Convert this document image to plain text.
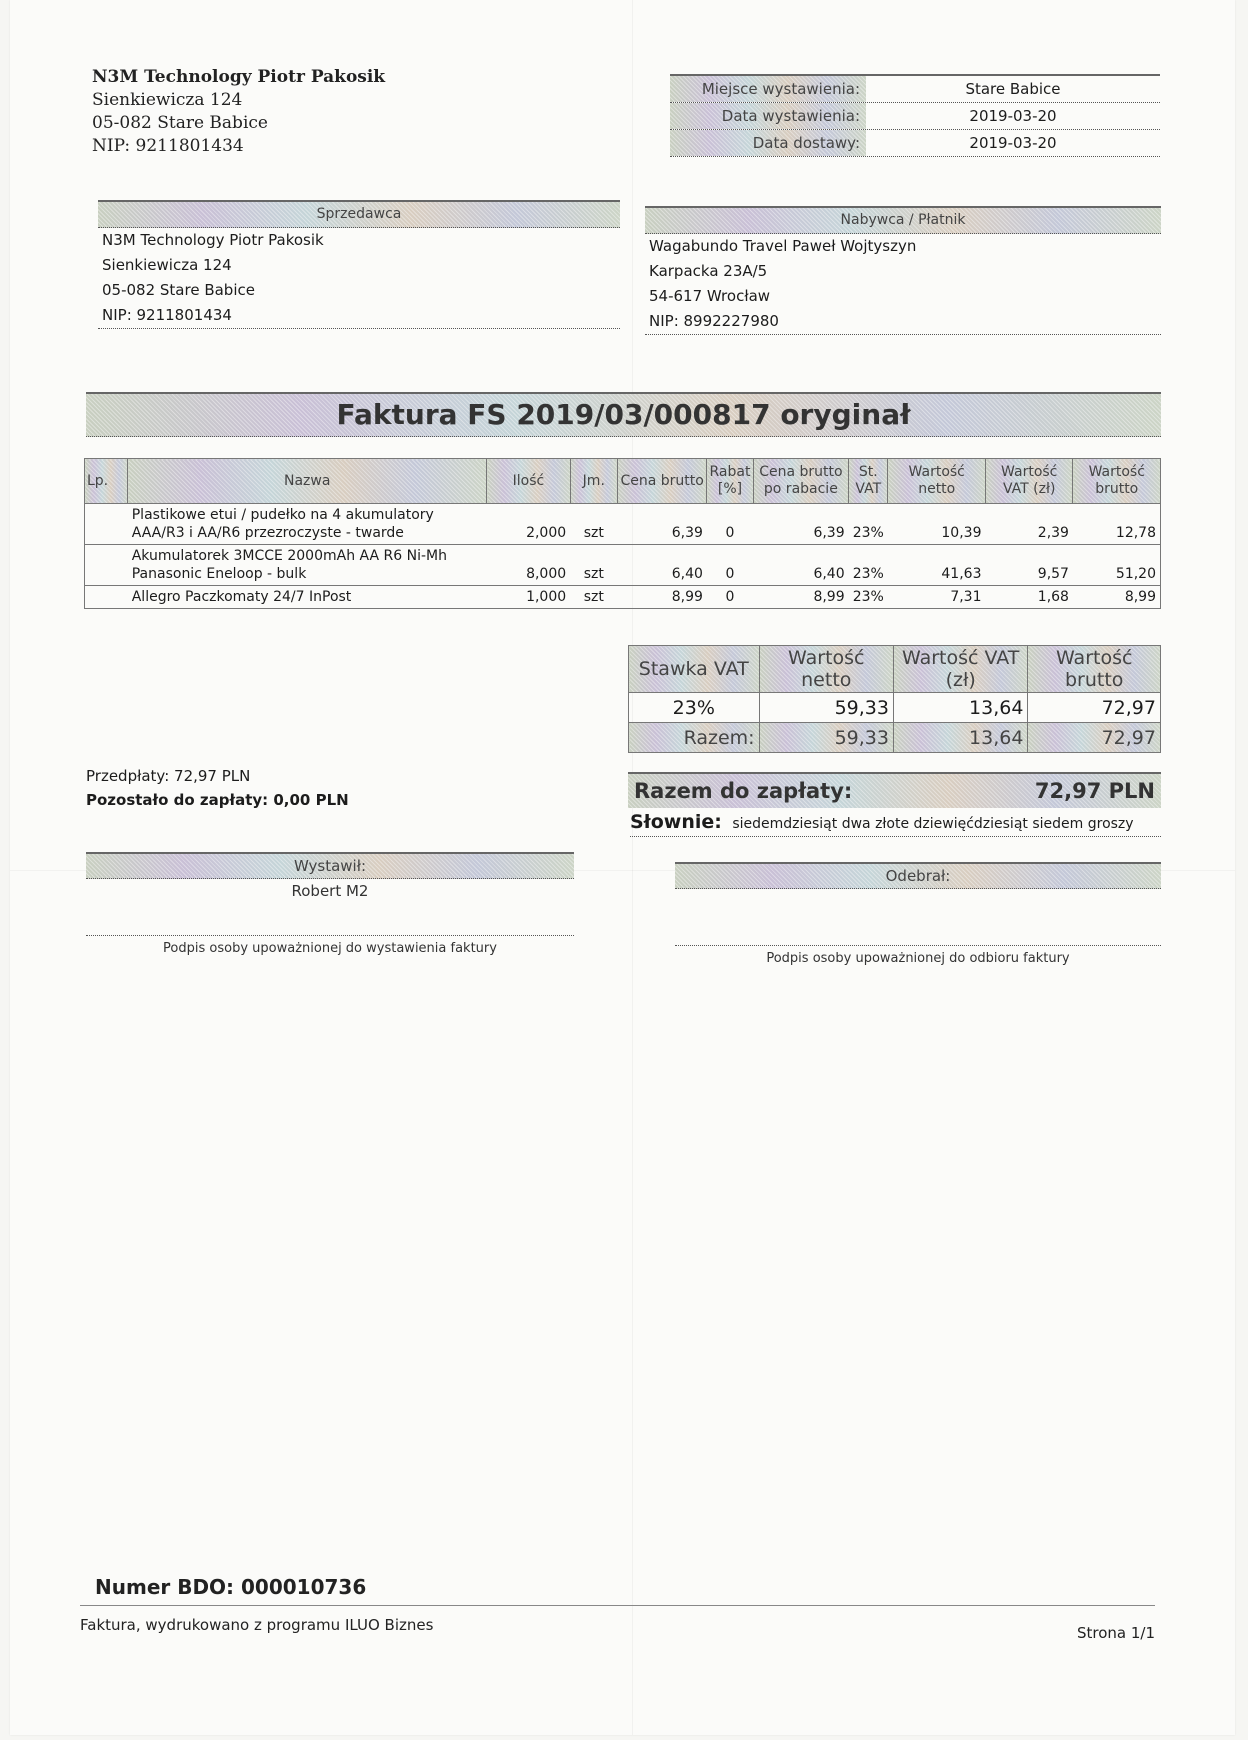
N3M Technology Piotr Pakosik
Sienkiewicza 124
05-082 Stare Babice
NIP: 9211801434
Miejsce wystawienia:	Stare Babice
Data wystawienia:	2019-03-20
Data dostawy:	2019-03-20
Sprzedawca
N3M Technology Piotr Pakosik
Sienkiewicza 124
05-082 Stare Babice
NIP: 9211801434
Nabywca / Płatnik
Wagabundo Travel Paweł Wojtyszyn
Karpacka 23A/5
54-617 Wrocław
NIP: 8992227980
Faktura FS 2019/03/000817 oryginał
Lp.	Nazwa	Ilość	Jm.	Cena brutto	Rabat [%]	Cena brutto po rabacie	St. VAT	Wartość netto	Wartość VAT (zł)	Wartość brutto

	Plastikowe etui / pudełko na 4 akumulatory
AAA/R3 i AA/R6 przezroczyste - twarde	2,000	szt	6,39	0	6,39	23%	10,39	2,39	12,78

	Akumulatorek 3MCCE 2000mAh AA R6 Ni-Mh
Panasonic Eneloop - bulk	8,000	szt	6,40	0	6,40	23%	41,63	9,57	51,20

	Allegro Paczkomaty 24/7 InPost	1,000	szt	8,99	0	8,99	23%	7,31	1,68	8,99
Stawka VAT	Wartość netto	Wartość VAT (zł)	Wartość brutto
23%	59,33	13,64	72,97
Razem:	59,33	13,64	72,97
Przedpłaty: 72,97 PLN
Pozostało do zapłaty: 0,00 PLN	Razem do zapłaty:	72,97 PLN
Słownie: siedemdziesiąt dwa złote dziewięćdziesiąt siedem groszy
Wystawił:
Robert M2
Podpis osoby upoważnionej do wystawienia faktury
Odebrał:
Podpis osoby upoważnionej do odbioru faktury
Numer BDO: 000010736
Faktura, wydrukowano z programu ILUO Biznes	Strona 1/1
